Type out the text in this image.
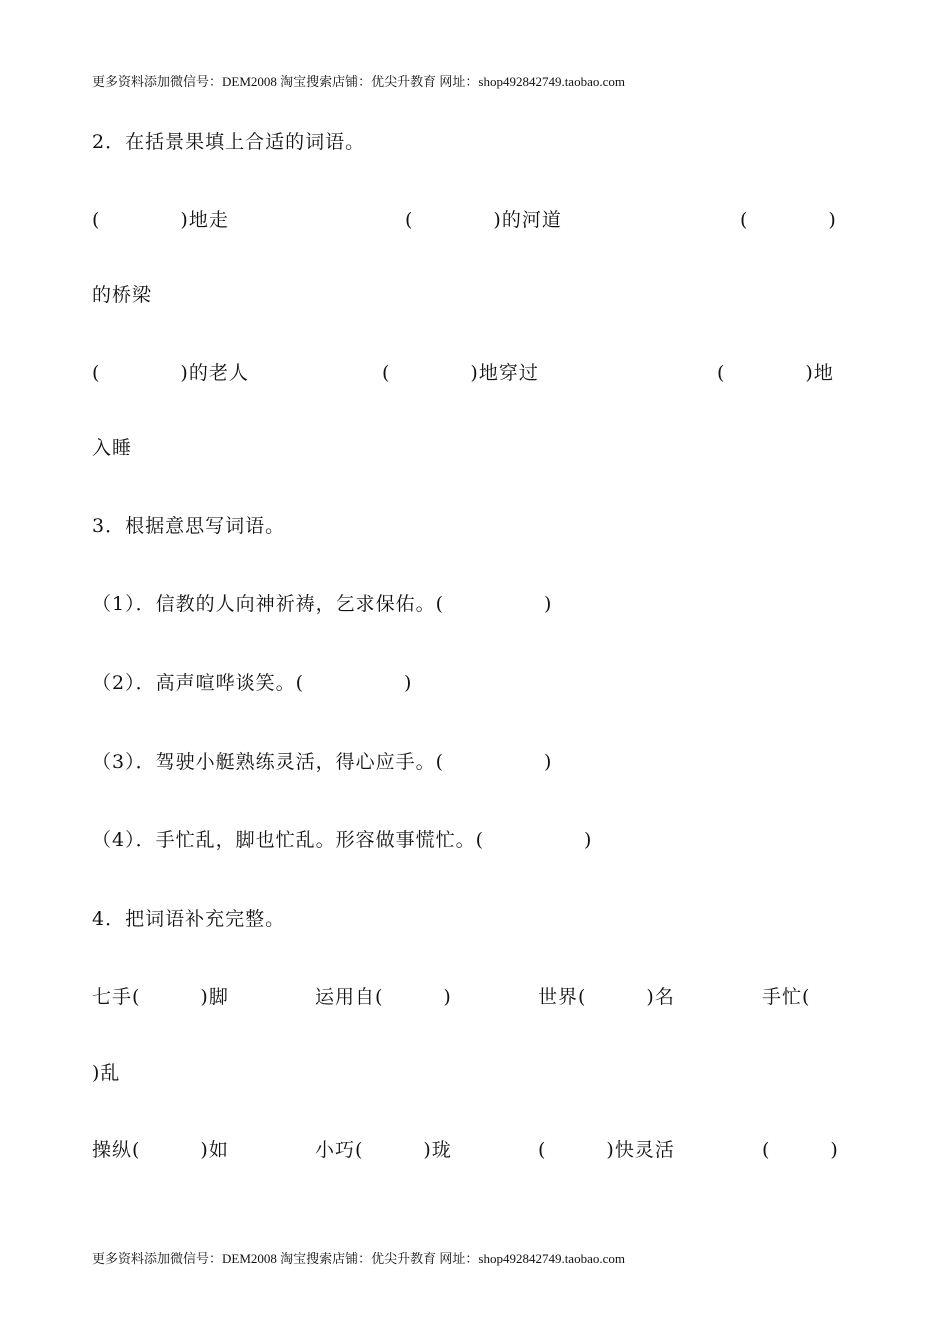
更多资料添加微信号：DEM2008 淘宝搜索店铺：优尖升教育 网址：shop492842749.taobao.com
2．在括景果填上合适的词语。
(　　　　)地走	(　　　　)的河道	(　　　　)
的桥梁
(　　　　)的老人	(　　　　)地穿过	(　　　　)地
入睡
3．根据意思写词语。
（1）．信教的人向神祈祷，乞求保佑。(　　　　　)
（2）．高声喧哗谈笑。(　　　　　)
（3）．驾驶小艇熟练灵活，得心应手。(　　　　　)
（4）．手忙乱，脚也忙乱。形容做事慌忙。(　　　　　)
4．把词语补充完整。
七手(　　　)脚	运用自(　　　)	世界(　　　)名	手忙(
)乱
操纵(　　　)如	小巧(　　　)珑	(　　　)快灵活	(　　　)
更多资料添加微信号：DEM2008 淘宝搜索店铺：优尖升教育 网址：shop492842749.taobao.com
